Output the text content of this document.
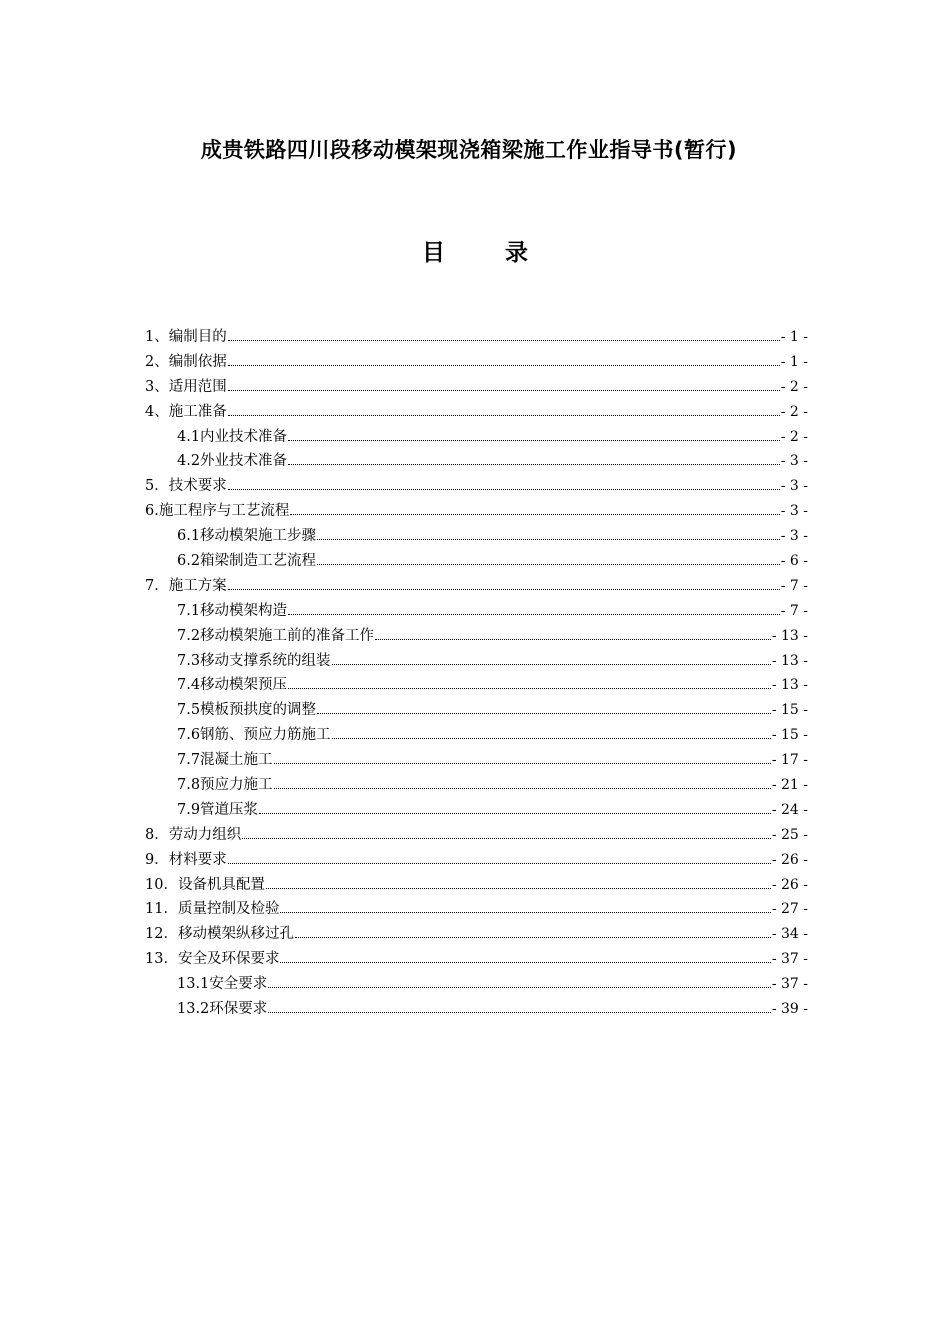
成贵铁路四川段移动模架现浇箱梁施工作业指导书(暂行)
目 录
1、编制目的	- 1 -
2、编制依据	- 1 -
3、适用范围	- 2 -
4、施工准备	- 2 -
4.1内业技术准备	- 2 -
4.2外业技术准备	- 3 -
5．技术要求	- 3 -
6.施工程序与工艺流程	- 3 -
6.1移动模架施工步骤	- 3 -
6.2箱梁制造工艺流程	- 6 -
7．施工方案	- 7 -
7.1移动模架构造	- 7 -
7.2移动模架施工前的准备工作	- 13 -
7.3移动支撑系统的组装	- 13 -
7.4移动模架预压	- 13 -
7.5模板预拱度的调整	- 15 -
7.6钢筋、预应力筋施工	- 15 -
7.7混凝土施工	- 17 -
7.8预应力施工	- 21 -
7.9管道压浆	- 24 -
8．劳动力组织	- 25 -
9．材料要求	- 26 -
10．设备机具配置	- 26 -
11．质量控制及检验	- 27 -
12．移动模架纵移过孔	- 34 -
13．安全及环保要求	- 37 -
13.1安全要求	- 37 -
13.2环保要求	- 39 -
